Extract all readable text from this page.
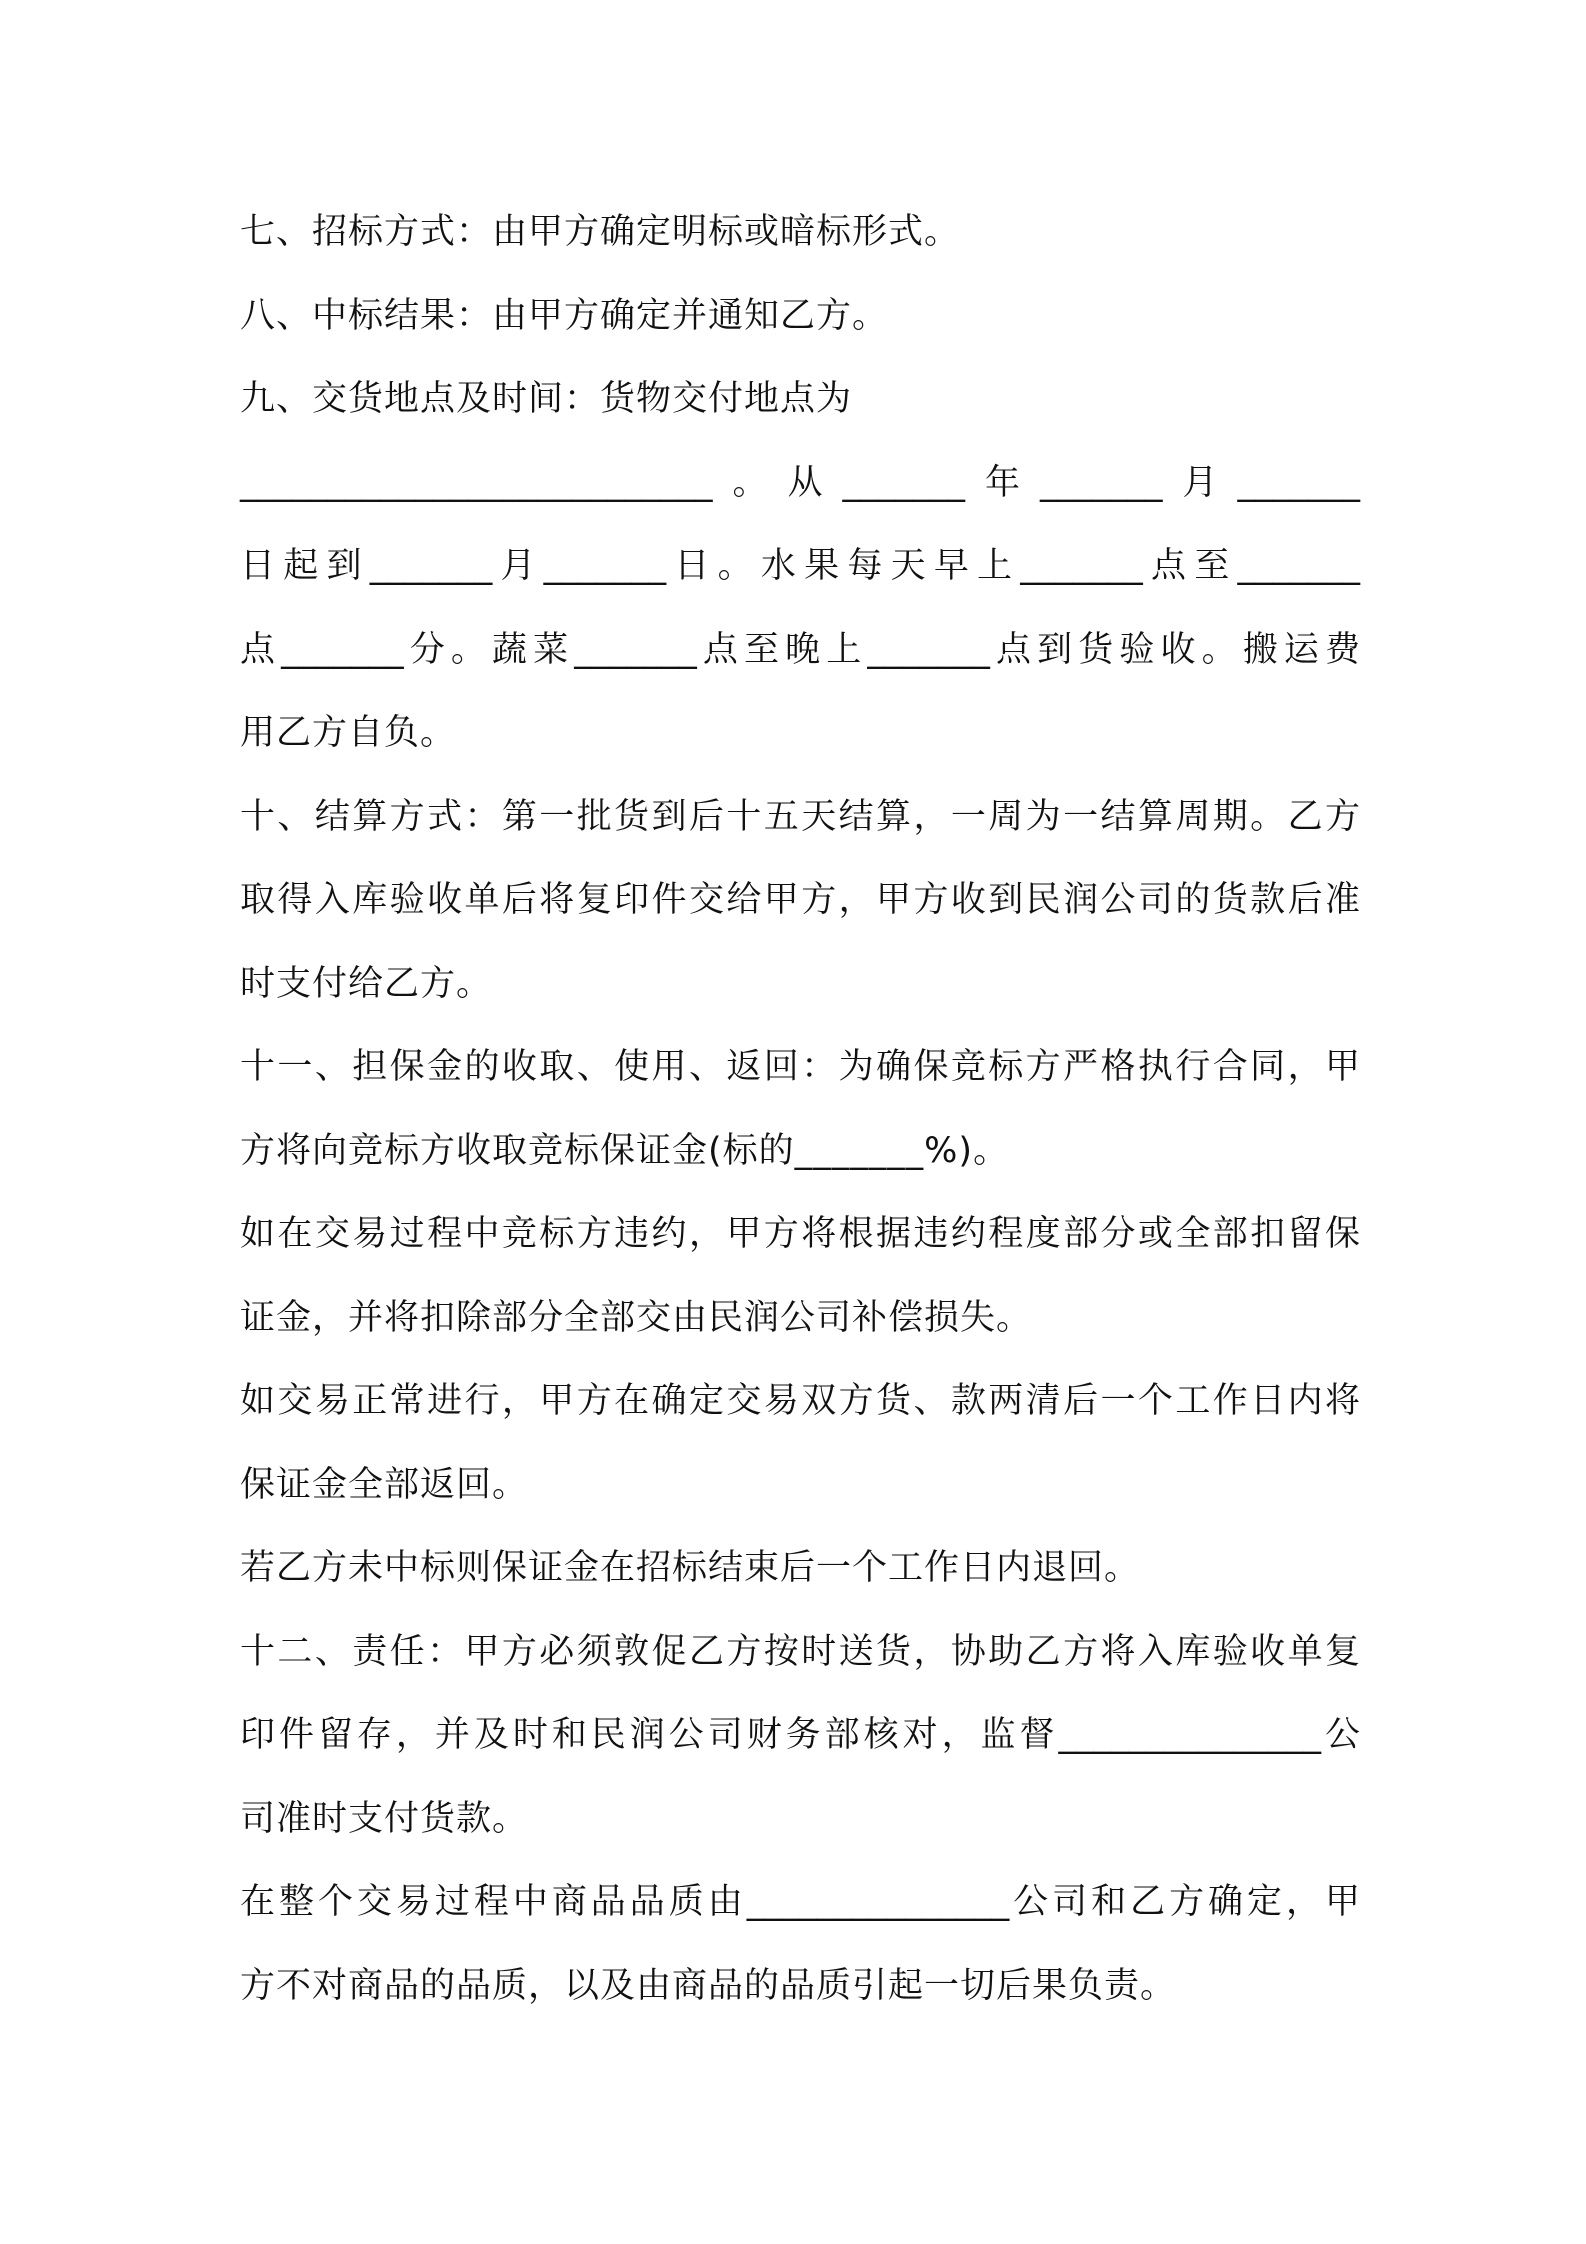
七、招标方式：由甲方确定明标或暗标形式。
八、中标结果：由甲方确定并通知乙方。
九、交货地点及时间：货物交付地点为
___________________________。从_______年_______月_______
日起到_______月_______日。水果每天早上_______点至_______
点_______分。蔬菜_______点至晚上_______点到货验收。搬运费
用乙方自负。
十、结算方式：第一批货到后十五天结算，一周为一结算周期。乙方
取得入库验收单后将复印件交给甲方，甲方收到民润公司的货款后准
时支付给乙方。
十一、担保金的收取、使用、返回：为确保竞标方严格执行合同，甲
方将向竞标方收取竞标保证金(标的_______%)。
如在交易过程中竞标方违约，甲方将根据违约程度部分或全部扣留保
证金，并将扣除部分全部交由民润公司补偿损失。
如交易正常进行，甲方在确定交易双方货、款两清后一个工作日内将
保证金全部返回。
若乙方未中标则保证金在招标结束后一个工作日内退回。
十二、责任：甲方必须敦促乙方按时送货，协助乙方将入库验收单复
印件留存，并及时和民润公司财务部核对，监督_______________公
司准时支付货款。
在整个交易过程中商品品质由_______________公司和乙方确定，甲
方不对商品的品质，以及由商品的品质引起一切后果负责。
